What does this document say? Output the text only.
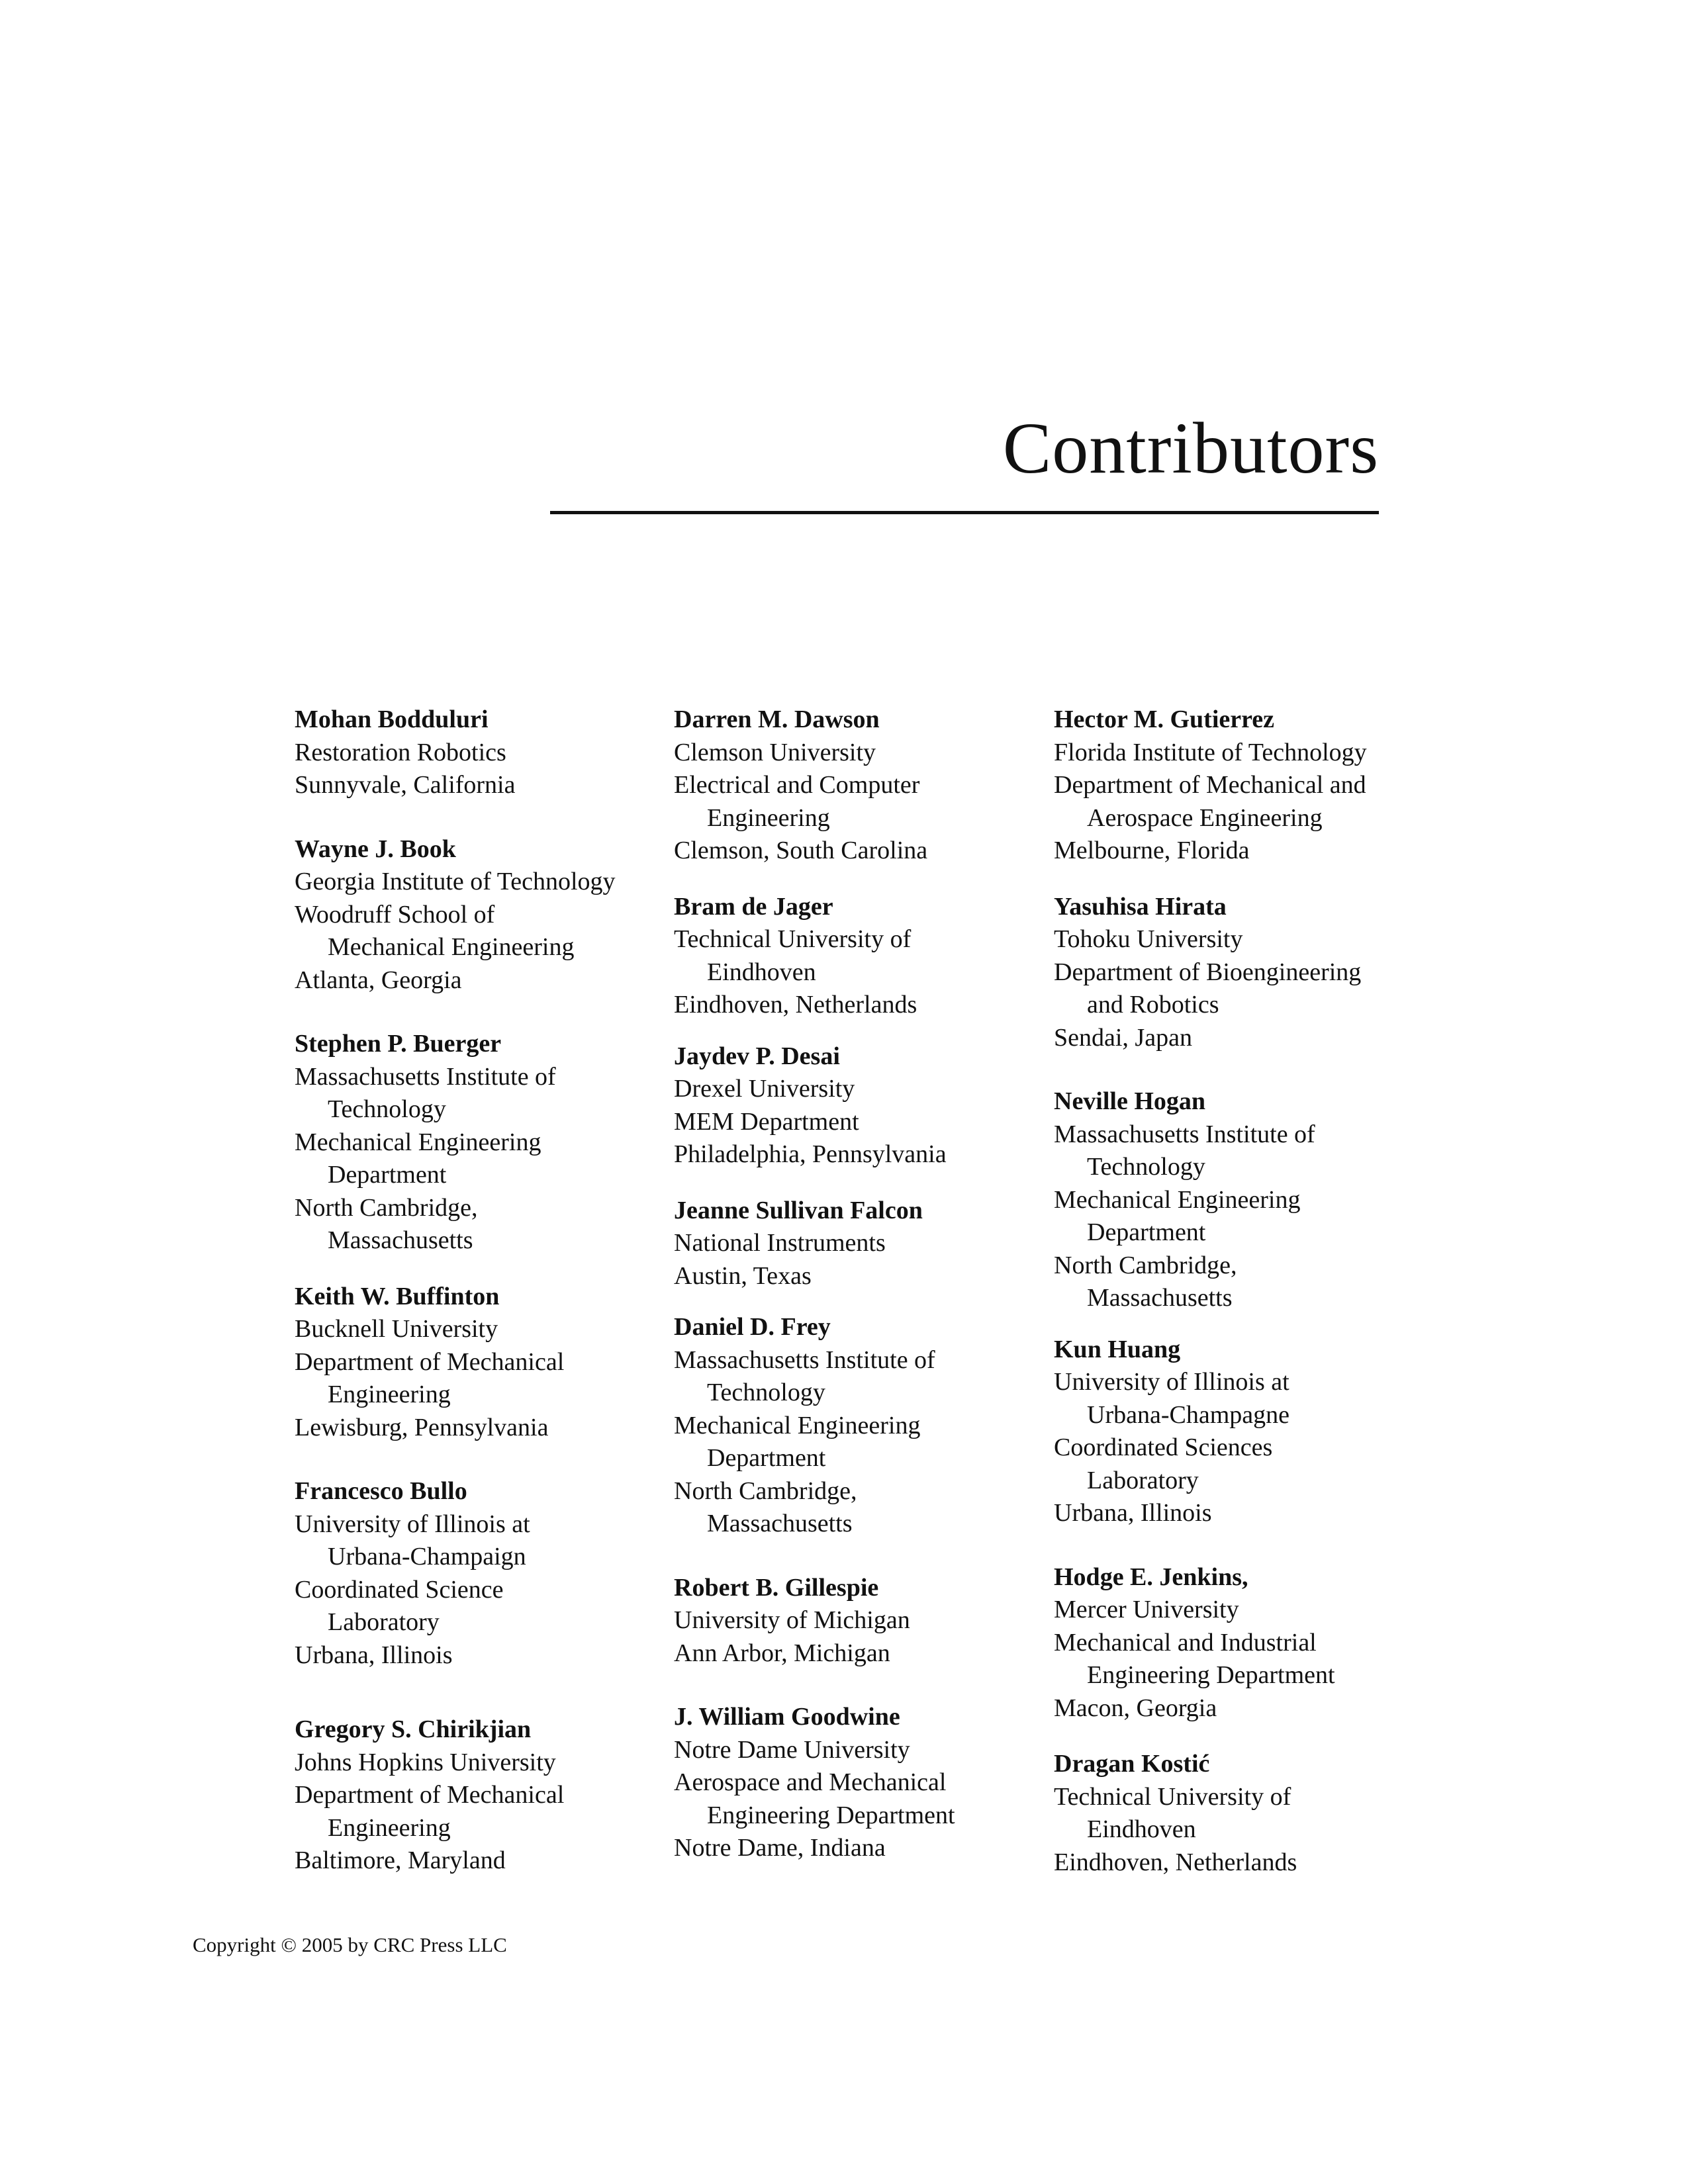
Contributors
Mohan Bodduluri
Restoration Robotics
Sunnyvale, California
Wayne J. Book
Georgia Institute of Technology
Woodruff School of
Mechanical Engineering
Atlanta, Georgia
Stephen P. Buerger
Massachusetts Institute of
Technology
Mechanical Engineering
Department
North Cambridge,
Massachusetts
Keith W. Buffinton
Bucknell University
Department of Mechanical
Engineering
Lewisburg, Pennsylvania
Francesco Bullo
University of Illinois at
Urbana-Champaign
Coordinated Science
Laboratory
Urbana, Illinois
Gregory S. Chirikjian
Johns Hopkins University
Department of Mechanical
Engineering
Baltimore, Maryland
Darren M. Dawson
Clemson University
Electrical and Computer
Engineering
Clemson, South Carolina
Bram de Jager
Technical University of
Eindhoven
Eindhoven, Netherlands
Jaydev P. Desai
Drexel University
MEM Department
Philadelphia, Pennsylvania
Jeanne Sullivan Falcon
National Instruments
Austin, Texas
Daniel D. Frey
Massachusetts Institute of
Technology
Mechanical Engineering
Department
North Cambridge,
Massachusetts
Robert B. Gillespie
University of Michigan
Ann Arbor, Michigan
J. William Goodwine
Notre Dame University
Aerospace and Mechanical
Engineering Department
Notre Dame, Indiana
Hector M. Gutierrez
Florida Institute of Technology
Department of Mechanical and
Aerospace Engineering
Melbourne, Florida
Yasuhisa Hirata
Tohoku University
Department of Bioengineering
and Robotics
Sendai, Japan
Neville Hogan
Massachusetts Institute of
Technology
Mechanical Engineering
Department
North Cambridge,
Massachusetts
Kun Huang
University of Illinois at
Urbana-Champagne
Coordinated Sciences
Laboratory
Urbana, Illinois
Hodge E. Jenkins,
Mercer University
Mechanical and Industrial
Engineering Department
Macon, Georgia
Dragan Kostić
Technical University of
Eindhoven
Eindhoven, Netherlands
Copyright © 2005 by CRC Press LLC
